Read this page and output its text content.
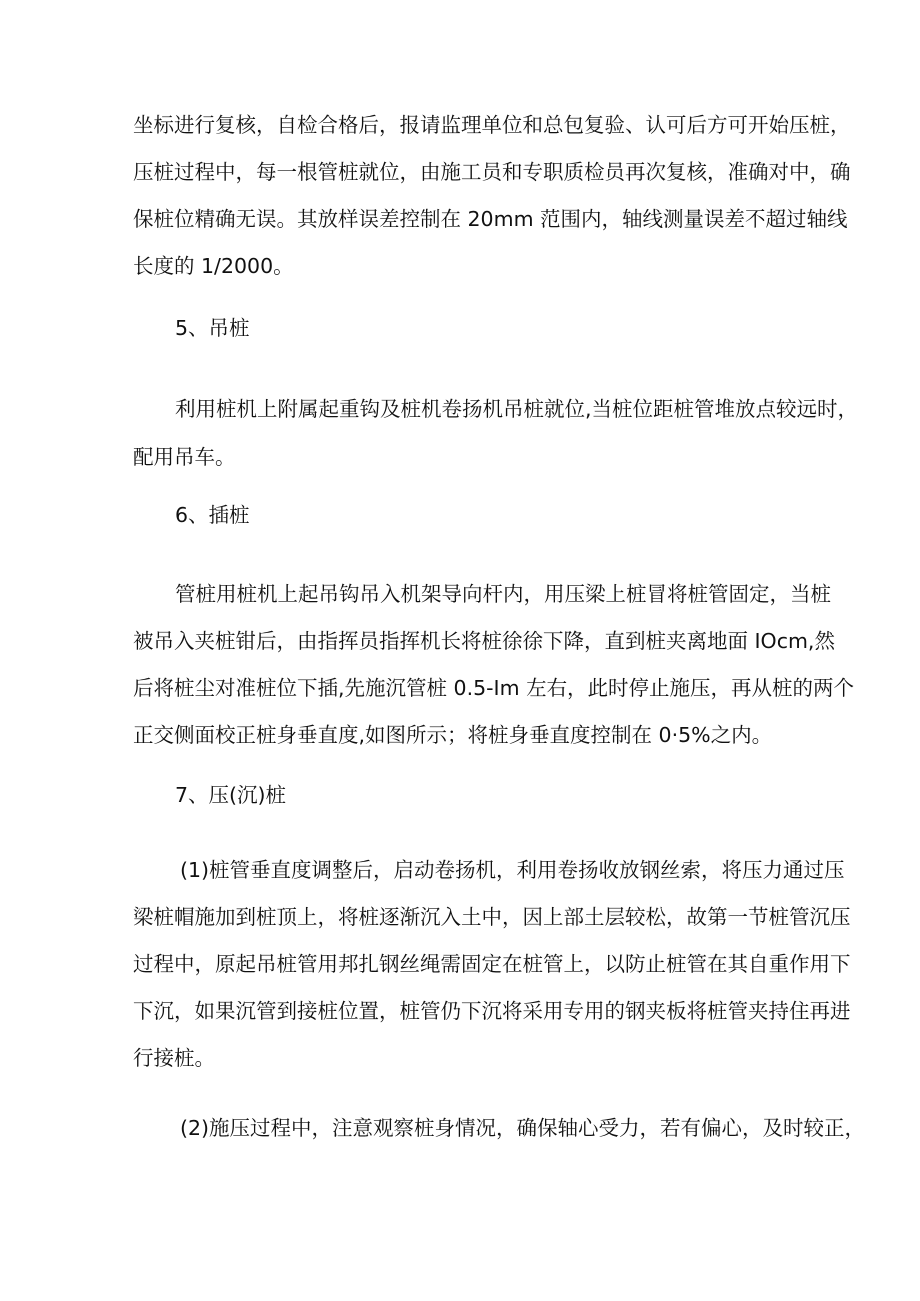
坐标进行复核，自检合格后，报请监理单位和总包复验、认可后方可开始压桩，
压桩过程中，每一根管桩就位，由施工员和专职质检员再次复核，准确对中，确
保桩位精确无误。其放样误差控制在 20mm 范围内，轴线测量误差不超过轴线
长度的 1/2000。
5、吊桩
利用桩机上附属起重钩及桩机卷扬机吊桩就位,当桩位距桩管堆放点较远时，
配用吊车。
6、插桩
管桩用桩机上起吊钩吊入机架导向杆内，用压梁上桩冒将桩管固定，当桩
被吊入夹桩钳后，由指挥员指挥机长将桩徐徐下降，直到桩夹离地面 IOcm,然
后将桩尘对准桩位下插,先施沉管桩 0.5-Im 左右，此时停止施压，再从桩的两个
正交侧面校正桩身垂直度,如图所示；将桩身垂直度控制在 0·5%之内。
7、压(沉)桩
(1)桩管垂直度调整后，启动卷扬机，利用卷扬收放钢丝索，将压力通过压
梁桩帽施加到桩顶上，将桩逐渐沉入土中，因上部土层较松，故第一节桩管沉压
过程中，原起吊桩管用邦扎钢丝绳需固定在桩管上，以防止桩管在其自重作用下
下沉，如果沉管到接桩位置，桩管仍下沉将采用专用的钢夹板将桩管夹持住再进
行接桩。
(2)施压过程中，注意观察桩身情况，确保轴心受力，若有偏心，及时较正，
